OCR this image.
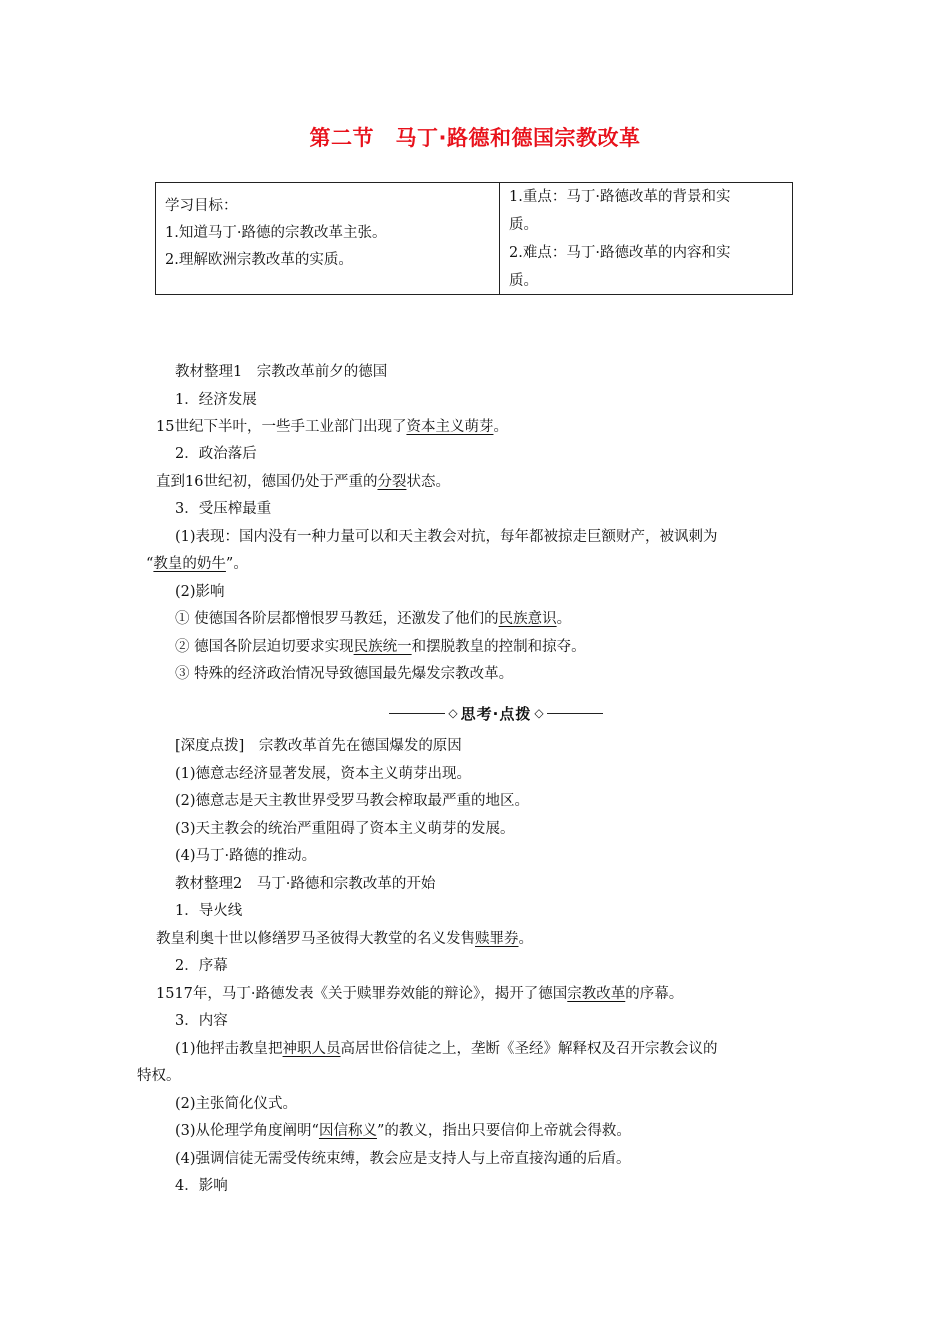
第二节　马丁·路德和德国宗教改革
学习目标：
1.知道马丁·路德的宗教改革主张。
2.理解欧洲宗教改革的实质。
1.重点：马丁·路德改革的背景和实
质。
2.难点：马丁·路德改革的内容和实
质。
教材整理1　宗教改革前夕的德国
1．经济发展
15世纪下半叶，一些手工业部门出现了资本主义萌芽。
2．政治落后
直到16世纪初，德国仍处于严重的分裂状态。
3．受压榨最重
(1)表现：国内没有一种力量可以和天主教会对抗，每年都被掠走巨额财产，被讽刺为
“教皇的奶牛”。
(2)影响
① 使德国各阶层都憎恨罗马教廷，还激发了他们的民族意识。
② 德国各阶层迫切要求实现民族统一和摆脱教皇的控制和掠夺。
③ 特殊的经济政治情况导致德国最先爆发宗教改革。
◇ 思考·点拨 ◇
[深度点拨]　宗教改革首先在德国爆发的原因
(1)德意志经济显著发展，资本主义萌芽出现。
(2)德意志是天主教世界受罗马教会榨取最严重的地区。
(3)天主教会的统治严重阻碍了资本主义萌芽的发展。
(4)马丁·路德的推动。
教材整理2　马丁·路德和宗教改革的开始
1．导火线
教皇利奥十世以修缮罗马圣彼得大教堂的名义发售赎罪券。
2．序幕
1517年，马丁·路德发表《关于赎罪券效能的辩论》，揭开了德国宗教改革的序幕。
3．内容
(1)他抨击教皇把神职人员高居世俗信徒之上，垄断《圣经》解释权及召开宗教会议的
特权。
(2)主张简化仪式。
(3)从伦理学角度阐明“因信称义”的教义，指出只要信仰上帝就会得救。
(4)强调信徒无需受传统束缚，教会应是支持人与上帝直接沟通的后盾。
4．影响
